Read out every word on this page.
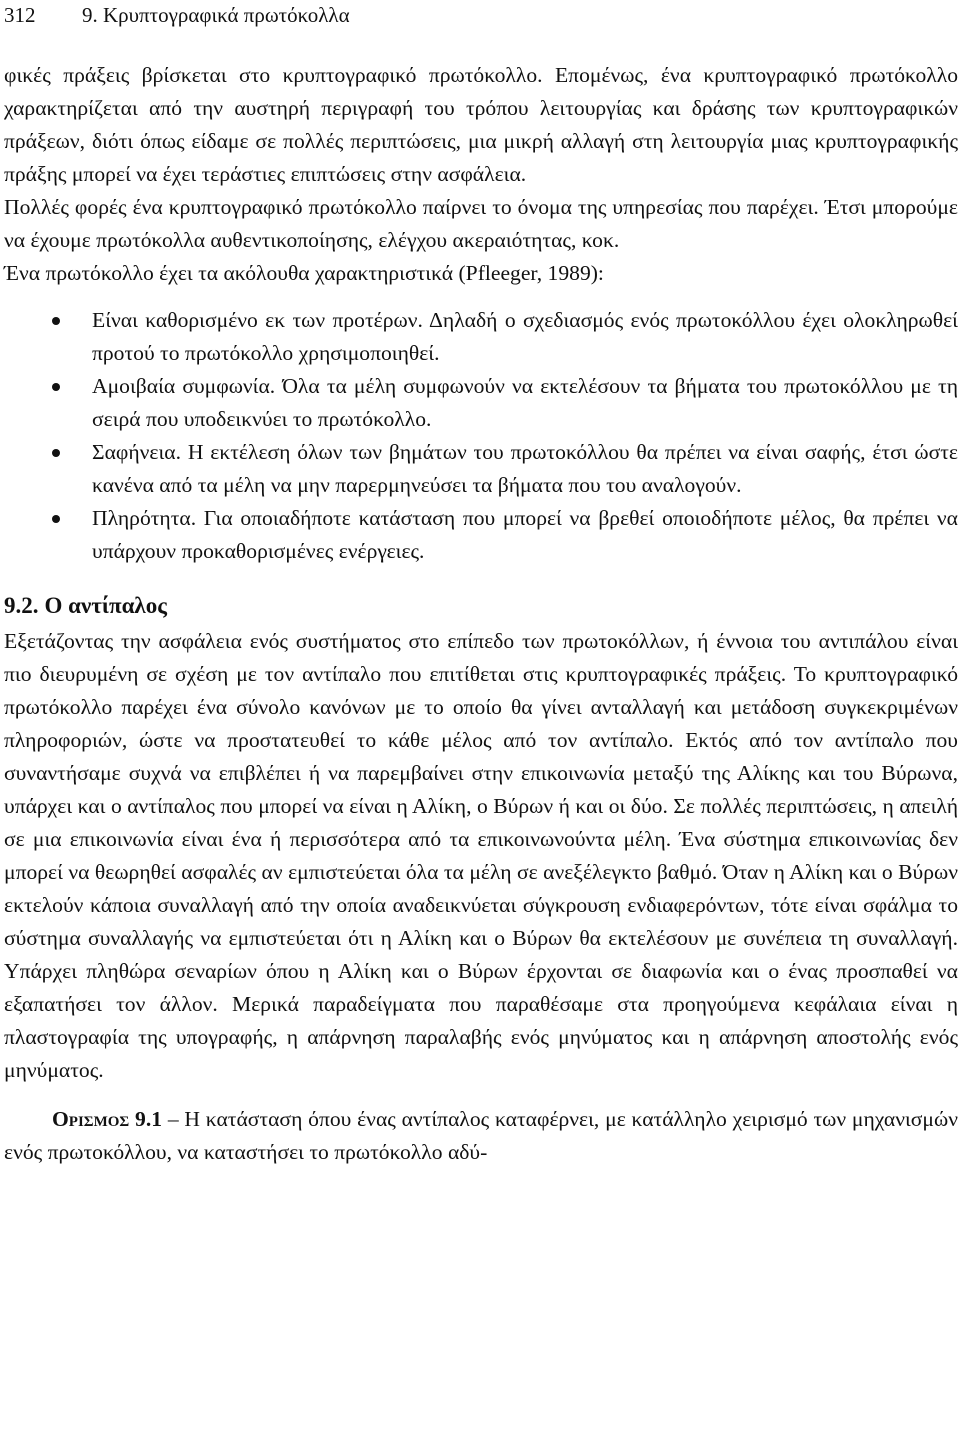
312 9. Κρυπτογραφικά πρωτόκολλα

φικές πράξεις βρίσκεται στο κρυπτογραφικό πρωτόκολλο. Επομένως, ένα κρυπτογραφικό πρωτόκολλο χαρακτηρίζεται από την αυστηρή περιγραφή του τρόπου λειτουργίας και δράσης των κρυπτογραφικών πράξεων, διότι όπως είδαμε σε πολλές περιπτώσεις, μια μικρή αλλαγή στη λειτουργία μιας κρυπτογραφικής πράξης μπορεί να έχει τεράστιες επιπτώσεις στην ασφάλεια.

Πολλές φορές ένα κρυπτογραφικό πρωτόκολλο παίρνει το όνομα της υπηρεσίας που παρέχει. Έτσι μπορούμε να έχουμε πρωτόκολλα αυθεντικοποίησης, ελέγχου ακεραιότητας, κοκ.

Ένα πρωτόκολλο έχει τα ακόλουθα χαρακτηριστικά (Pfleeger, 1989):

Είναι καθορισμένο εκ των προτέρων. Δηλαδή ο σχεδιασμός ενός πρωτοκόλλου έχει ολοκληρωθεί προτού το πρωτόκολλο χρησιμοποιηθεί.
Αμοιβαία συμφωνία. Όλα τα μέλη συμφωνούν να εκτελέσουν τα βήματα του πρωτοκόλλου με τη σειρά που υποδεικνύει το πρωτόκολλο.
Σαφήνεια. Η εκτέλεση όλων των βημάτων του πρωτοκόλλου θα πρέπει να είναι σαφής, έτσι ώστε κανένα από τα μέλη να μην παρερμηνεύσει τα βήματα που του αναλογούν.
Πληρότητα. Για οποιαδήποτε κατάσταση που μπορεί να βρεθεί οποιοδήποτε μέλος, θα πρέπει να υπάρχουν προκαθορισμένες ενέργειες.
9.2. Ο αντίπαλος

Εξετάζοντας την ασφάλεια ενός συστήματος στο επίπεδο των πρωτοκόλλων, ή έννοια του αντιπάλου είναι πιο διευρυμένη σε σχέση με τον αντίπαλο που επιτίθεται στις κρυπτογραφικές πράξεις. Το κρυπτογραφικό πρωτόκολλο παρέχει ένα σύνολο κανόνων με το οποίο θα γίνει ανταλλαγή και μετάδοση συγκεκριμένων πληροφοριών, ώστε να προστατευθεί το κάθε μέλος από τον αντίπαλο. Εκτός από τον αντίπαλο που συναντήσαμε συχνά να επιβλέπει ή να παρεμβαίνει στην επικοινωνία μεταξύ της Αλίκης και του Βύρωνα, υπάρχει και ο αντίπαλος που μπορεί να είναι η Αλίκη, ο Βύρων ή και οι δύο. Σε πολλές περιπτώσεις, η απειλή σε μια επικοινωνία είναι ένα ή περισσότερα από τα επικοινωνούντα μέλη. Ένα σύστημα επικοινωνίας δεν μπορεί να θεωρηθεί ασφαλές αν εμπιστεύεται όλα τα μέλη σε ανεξέλεγκτο βαθμό. Όταν η Αλίκη και ο Βύρων εκτελούν κάποια συναλλαγή από την οποία αναδεικνύεται σύγκρουση ενδιαφερόντων, τότε είναι σφάλμα το σύστημα συναλλαγής να εμπιστεύεται ότι η Αλίκη και ο Βύρων θα εκτελέσουν με συνέπεια τη συναλλαγή. Υπάρχει πληθώρα σεναρίων όπου η Αλίκη και ο Βύρων έρχονται σε διαφωνία και ο ένας προσπαθεί να εξαπατήσει τον άλλον. Μερικά παραδείγματα που παραθέσαμε στα προηγούμενα κεφάλαια είναι η πλαστογραφία της υπογραφής, η απάρνηση παραλαβής ενός μηνύματος και η απάρνηση αποστολής ενός μηνύματος.

Ορισμος 9.1 – Η κατάσταση όπου ένας αντίπαλος καταφέρνει, με κατάλληλο χειρισμό των μηχανισμών ενός πρωτοκόλλου, να καταστήσει το πρωτόκολλο αδύ-
